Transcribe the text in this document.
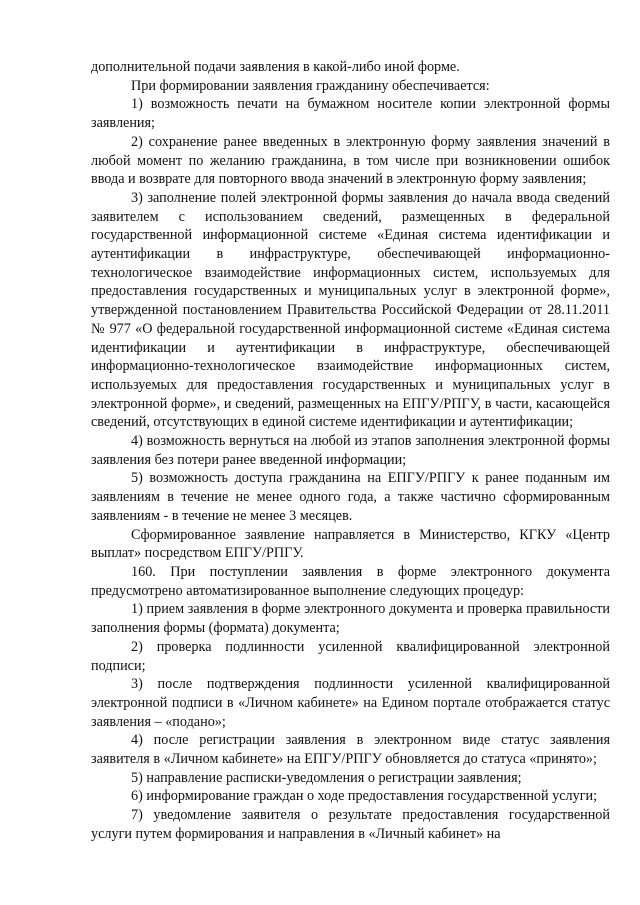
дополнительной подачи заявления в какой-либо иной форме.

При формировании заявления гражданину обеспечивается:

1) возможность печати на бумажном носителе копии электронной формы заявления;

2) сохранение ранее введенных в электронную форму заявления значений в любой момент по желанию гражданина, в том числе при возникновении ошибок ввода и возврате для повторного ввода значений в электронную форму заявления;

3) заполнение полей электронной формы заявления до начала ввода сведений заявителем с использованием сведений, размещенных в федеральной государственной информационной системе «Единая система идентификации и аутентификации в инфраструктуре, обеспечивающей информационно-технологическое взаимодействие информационных систем, используемых для предоставления государственных и муниципальных услуг в электронной форме», утвержденной постановлением Правительства Российской Федерации от 28.11.2011 № 977 «О федеральной государственной информационной системе «Единая система идентификации и аутентификации в инфраструктуре, обеспечивающей информационно-технологическое взаимодействие информационных систем, используемых для предоставления государственных и муниципальных услуг в электронной форме», и сведений, размещенных на ЕПГУ/РПГУ, в части, касающейся сведений, отсутствующих в единой системе идентификации и аутентификации;

4) возможность вернуться на любой из этапов заполнения электронной формы заявления без потери ранее введенной информации;

5) возможность доступа гражданина на ЕПГУ/РПГУ к ранее поданным им заявлениям в течение не менее одного года, а также частично сформированным заявлениям - в течение не менее 3 месяцев.

Сформированное заявление направляется в Министерство, КГКУ «Центр выплат» посредством ЕПГУ/РПГУ.

160. При поступлении заявления в форме электронного документа предусмотрено автоматизированное выполнение следующих процедур:

1) прием заявления в форме электронного документа и проверка правильности заполнения формы (формата) документа;

2) проверка подлинности усиленной квалифицированной электронной подписи;

3) после подтверждения подлинности усиленной квалифицированной электронной подписи в «Личном кабинете» на Едином портале отображается статус заявления – «подано»;

4) после регистрации заявления в электронном виде статус заявления заявителя в «Личном кабинете» на ЕПГУ/РПГУ обновляется до статуса «принято»;

5) направление расписки-уведомления о регистрации заявления;

6) информирование граждан о ходе предоставления государственной услуги;

7) уведомление заявителя о результате предоставления государственной услуги путем формирования и направления в «Личный кабинет» на
